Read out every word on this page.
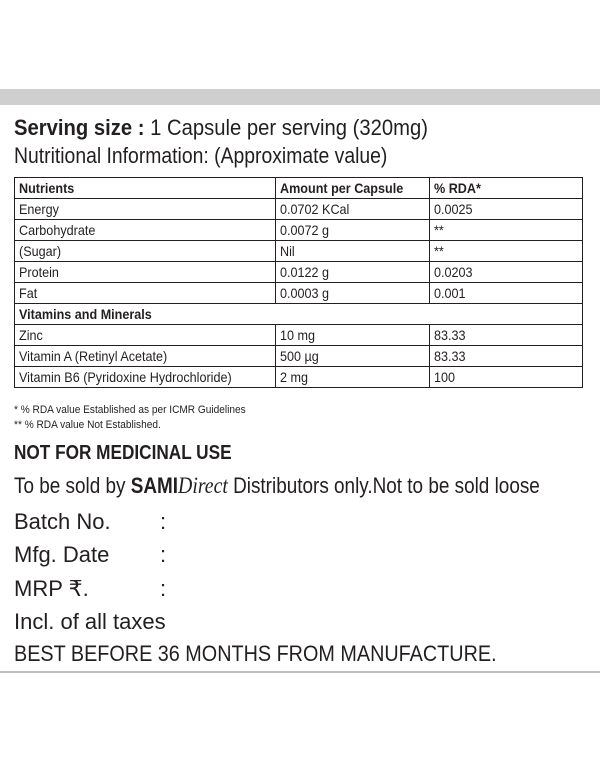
Serving size : 1 Capsule per serving (320mg)
Nutritional Information: (Approximate value)
Nutrients	Amount per Capsule	% RDA*
Energy	0.0702 KCal	0.0025
Carbohydrate	0.0072 g	**
(Sugar)	Nil	**
Protein	0.0122 g	0.0203
Fat	0.0003 g	0.001
Vitamins and Minerals		
Zinc	10 mg	83.33
Vitamin A (Retinyl Acetate)	500 µg	83.33
Vitamin B6 (Pyridoxine Hydrochloride)	2 mg	100
* % RDA value Established as per ICMR Guidelines
** % RDA value Not Established.
NOT FOR MEDICINAL USE
To be sold by SAMIDirect Distributors only.Not to be sold loose
Batch No. :
Mfg. Date :
MRP ₹.	:
Incl. of all taxes
BEST BEFORE 36 MONTHS FROM MANUFACTURE.
